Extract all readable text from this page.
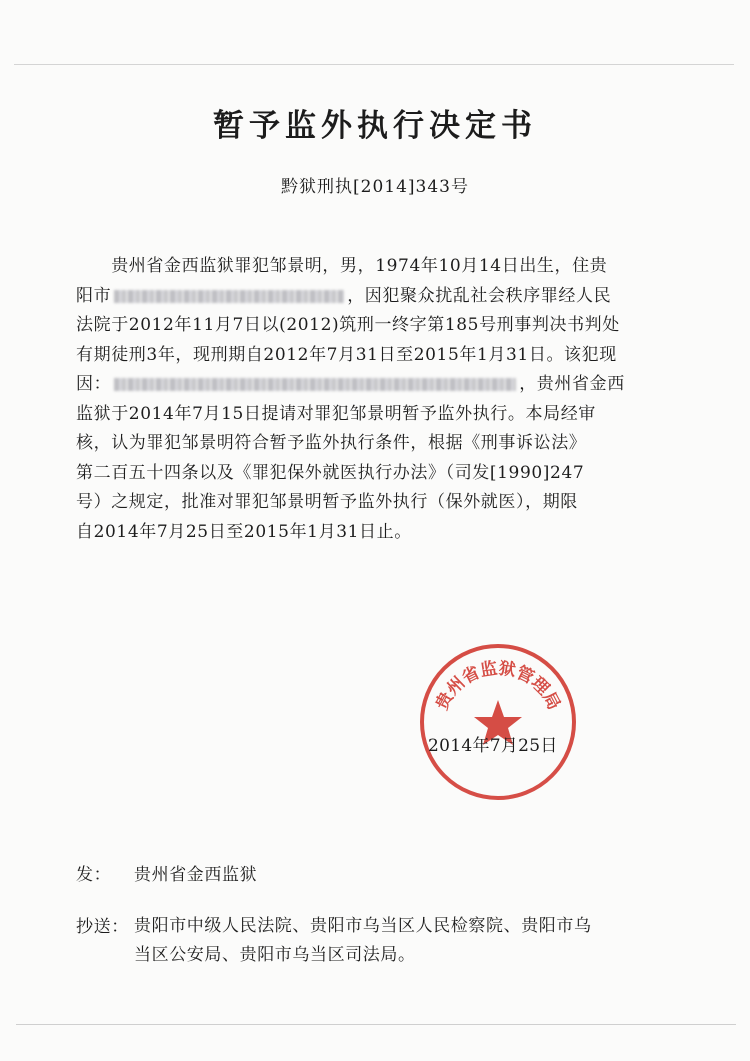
暂予监外执行决定书
黔狱刑执[2014]343号
　　贵州省金西监狱罪犯邹景明，男，1974年10月14日出生，住贵
阳市	，因犯聚众扰乱社会秩序罪经人民
法院于2012年11月7日以(2012)筑刑一终字第185号刑事判决书判处
有期徒刑3年，现刑期自2012年7月31日至2015年1月31日。该犯现
因：	，贵州省金西
监狱于2014年7月15日提请对罪犯邹景明暂予监外执行。本局经审
核，认为罪犯邹景明符合暂予监外执行条件，根据《刑事诉讼法》
第二百五十四条以及《罪犯保外就医执行办法》（司发[1990]247
号）之规定，批准对罪犯邹景明暂予监外执行（保外就医），期限
自2014年7月25日至2015年1月31日止。
贵州省监狱管理局
2014年7月25日
发： 贵州省金西监狱
抄送： 贵阳市中级人民法院、贵阳市乌当区人民检察院、贵阳市乌
当区公安局、贵阳市乌当区司法局。
